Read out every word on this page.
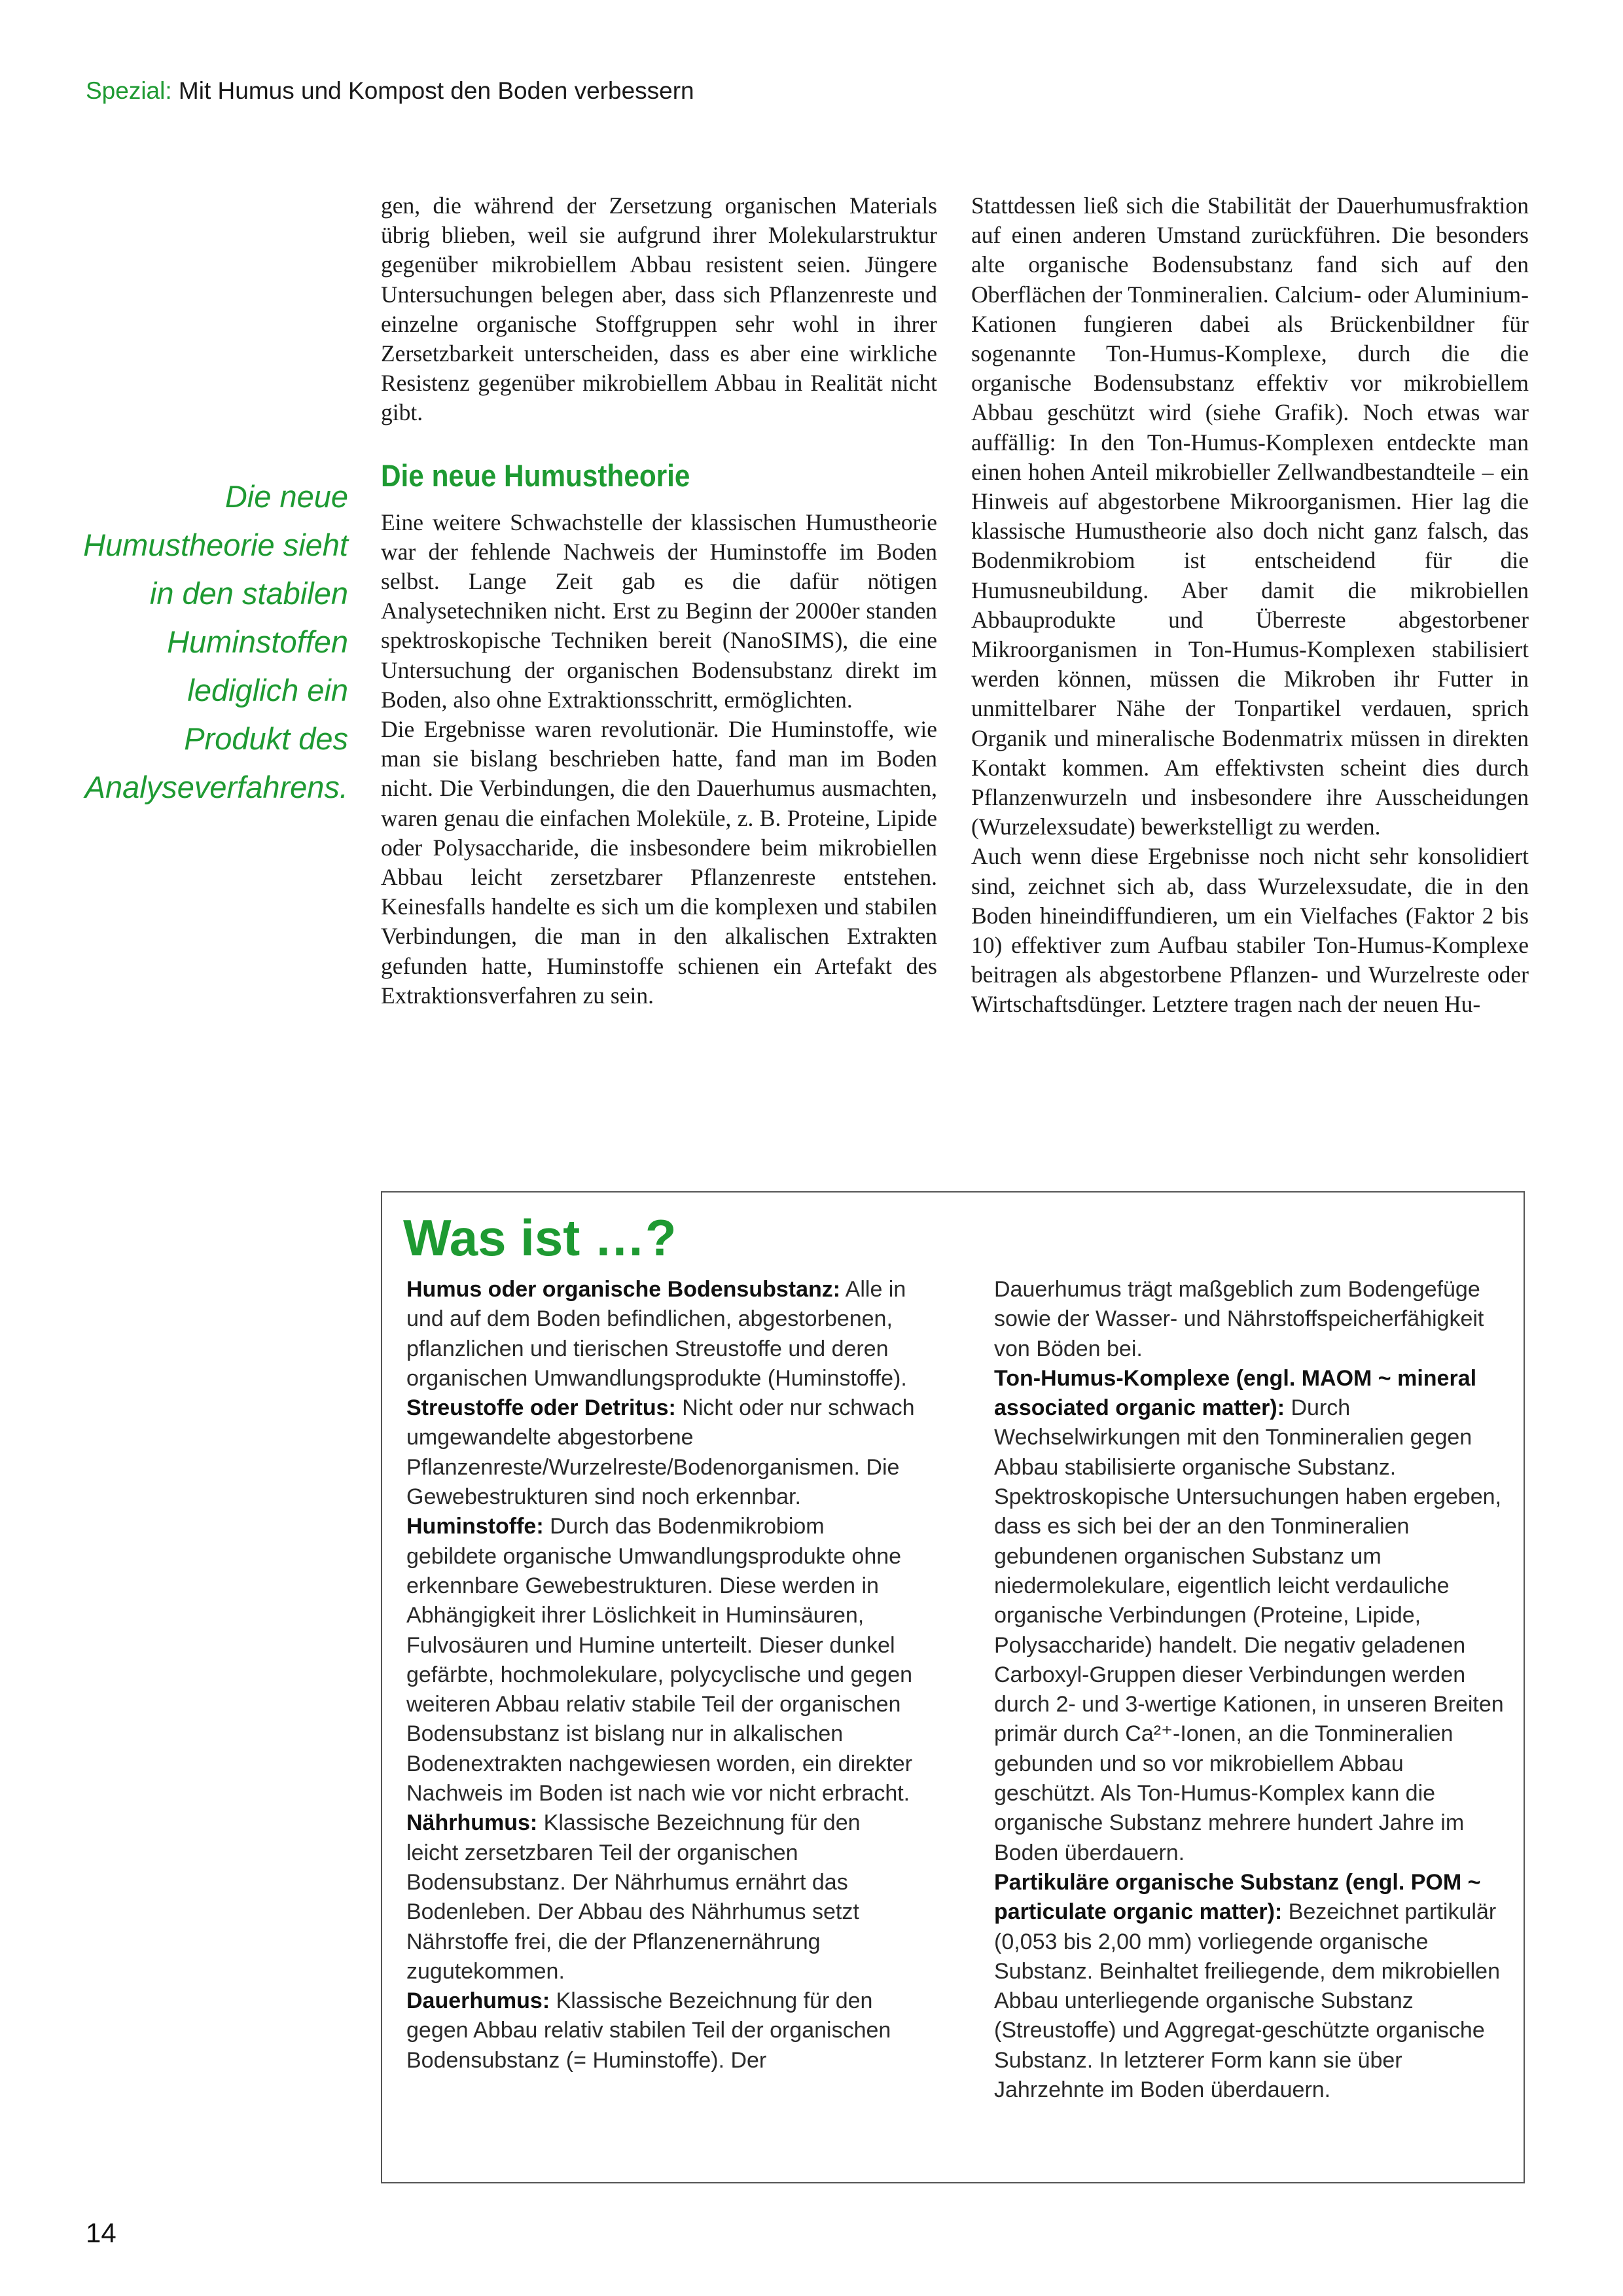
Spezial: Mit Humus und Kompost den Boden verbessern

Die neue Humustheorie sieht in den stabilen Huminstoffen lediglich ein Produkt des Analyseverfahrens.

gen, die während der Zersetzung organischen Materials übrig blieben, weil sie aufgrund ihrer Molekularstruktur gegenüber mikrobiellem Abbau resistent seien. Jüngere Untersuchungen belegen aber, dass sich Pflanzenreste und einzelne organische Stoffgruppen sehr wohl in ihrer Zersetzbarkeit unterscheiden, dass es aber eine wirkliche Resistenz gegenüber mikrobiellem Abbau in Realität nicht gibt.

Die neue Humustheorie

Eine weitere Schwachstelle der klassischen Humustheorie war der fehlende Nachweis der Huminstoffe im Boden selbst. Lange Zeit gab es die dafür nötigen Analysetechniken nicht. Erst zu Beginn der 2000er standen spektroskopische Techniken bereit (NanoSIMS), die eine Untersuchung der organischen Bodensubstanz direkt im Boden, also ohne Extraktionsschritt, ermöglichten.

Die Ergebnisse waren revolutionär. Die Huminstoffe, wie man sie bislang beschrieben hatte, fand man im Boden nicht. Die Verbindungen, die den Dauerhumus ausmachten, waren genau die einfachen Moleküle, z. B. Proteine, Lipide oder Polysaccharide, die insbesondere beim mikrobiellen Abbau leicht zersetzbarer Pflanzenreste entstehen. Keinesfalls handelte es sich um die komplexen und stabilen Verbindungen, die man in den alkalischen Extrakten gefunden hatte, Huminstoffe schienen ein Artefakt des Extraktionsverfahren zu sein.

Stattdessen ließ sich die Stabilität der Dauerhumusfraktion auf einen anderen Umstand zurückführen. Die besonders alte organische Bodensubstanz fand sich auf den Oberflächen der Tonmineralien. Calcium- oder Aluminium-Kationen fungieren dabei als Brückenbildner für sogenannte Ton-Humus-Komplexe, durch die die organische Bodensubstanz effektiv vor mikrobiellem Abbau geschützt wird (siehe Grafik). Noch etwas war auffällig: In den Ton-Humus-Komplexen entdeckte man einen hohen Anteil mikrobieller Zellwandbestandteile – ein Hinweis auf abgestorbene Mikroorganismen. Hier lag die klassische Humustheorie also doch nicht ganz falsch, das Bodenmikrobiom ist entscheidend für die Humusneubildung. Aber damit die mikrobiellen Abbauprodukte und Überreste abgestorbener Mikroorganismen in Ton-Humus-Komplexen stabilisiert werden können, müssen die Mikroben ihr Futter in unmittelbarer Nähe der Tonpartikel verdauen, sprich Organik und mineralische Bodenmatrix müssen in direkten Kontakt kommen. Am effektivsten scheint dies durch Pflanzenwurzeln und insbesondere ihre Ausscheidungen (Wurzelexsudate) bewerkstelligt zu werden.

Auch wenn diese Ergebnisse noch nicht sehr konsolidiert sind, zeichnet sich ab, dass Wurzelexsudate, die in den Boden hineindiffundieren, um ein Vielfaches (Faktor 2 bis 10) effektiver zum Aufbau stabiler Ton-Humus-Komplexe beitragen als abgestorbene Pflanzen- und Wurzelreste oder Wirtschaftsdünger. Letztere tragen nach der neuen Hu-

Was ist …?

Humus oder organische Bodensubstanz: Alle in und auf dem Boden befindlichen, abgestorbenen, pflanzlichen und tierischen Streustoffe und deren organischen Umwandlungsprodukte (Huminstoffe).

Streustoffe oder Detritus: Nicht oder nur schwach umgewandelte abgestorbene Pflanzenreste/Wurzelreste/Bodenorganismen. Die Gewebestrukturen sind noch erkennbar.

Huminstoffe: Durch das Bodenmikrobiom gebildete organische Umwandlungsprodukte ohne erkennbare Gewebestrukturen. Diese werden in Abhängigkeit ihrer Löslichkeit in Huminsäuren, Fulvosäuren und Humine unterteilt. Dieser dunkel gefärbte, hochmolekulare, polycyclische und gegen weiteren Abbau relativ stabile Teil der organischen Bodensubstanz ist bislang nur in alkalischen Bodenextrakten nachgewiesen worden, ein direkter Nachweis im Boden ist nach wie vor nicht erbracht.

Nährhumus: Klassische Bezeichnung für den leicht zersetzbaren Teil der organischen Bodensubstanz. Der Nährhumus ernährt das Bodenleben. Der Abbau des Nährhumus setzt Nährstoffe frei, die der Pflanzenernährung zugutekommen.

Dauerhumus: Klassische Bezeichnung für den gegen Abbau relativ stabilen Teil der organischen Bodensubstanz (= Huminstoffe). Der

Dauerhumus trägt maßgeblich zum Bodengefüge sowie der Wasser- und Nährstoffspeicherfähigkeit von Böden bei.

Ton-Humus-Komplexe (engl. MAOM ~ mineral associated organic matter): Durch Wechselwirkungen mit den Tonmineralien gegen Abbau stabilisierte organische Substanz. Spektroskopische Untersuchungen haben ergeben, dass es sich bei der an den Tonmineralien gebundenen organischen Substanz um niedermolekulare, eigentlich leicht verdauliche organische Verbindungen (Proteine, Lipide, Polysaccharide) handelt. Die negativ geladenen Carboxyl-Gruppen dieser Verbindungen werden durch 2- und 3-wertige Kationen, in unseren Breiten primär durch Ca²⁺-Ionen, an die Tonmineralien gebunden und so vor mikrobiellem Abbau geschützt. Als Ton-Humus-Komplex kann die organische Substanz mehrere hundert Jahre im Boden überdauern.

Partikuläre organische Substanz (engl. POM ~ particulate organic matter): Bezeichnet partikulär (0,053 bis 2,00 mm) vorliegende organische Substanz. Beinhaltet freiliegende, dem mikrobiellen Abbau unterliegende organische Substanz (Streustoffe) und Aggregat-geschützte organische Substanz. In letzterer Form kann sie über Jahrzehnte im Boden überdauern.

14
